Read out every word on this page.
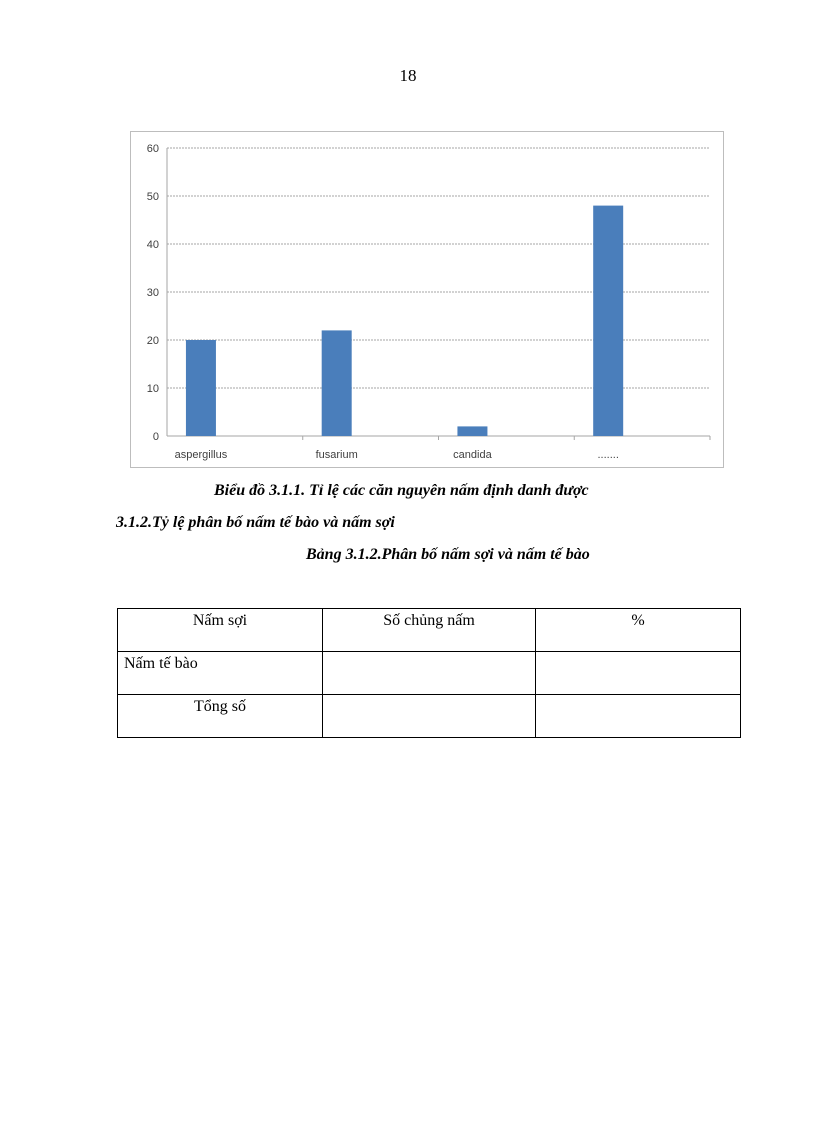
18
0
10
20
30
40
50
60
aspergillus	fusarium	candida	.......
Biểu đồ 3.1.1. Tỉ lệ các căn nguyên nấm định danh được
3.1.2.Tỷ lệ phân bố nấm tế bào và nấm sợi
Bảng 3.1.2.Phân bố nấm sợi và nấm tế bào
Nấm sợi	Số chủng nấm	%
Nấm tế bào		
Tổng số		
